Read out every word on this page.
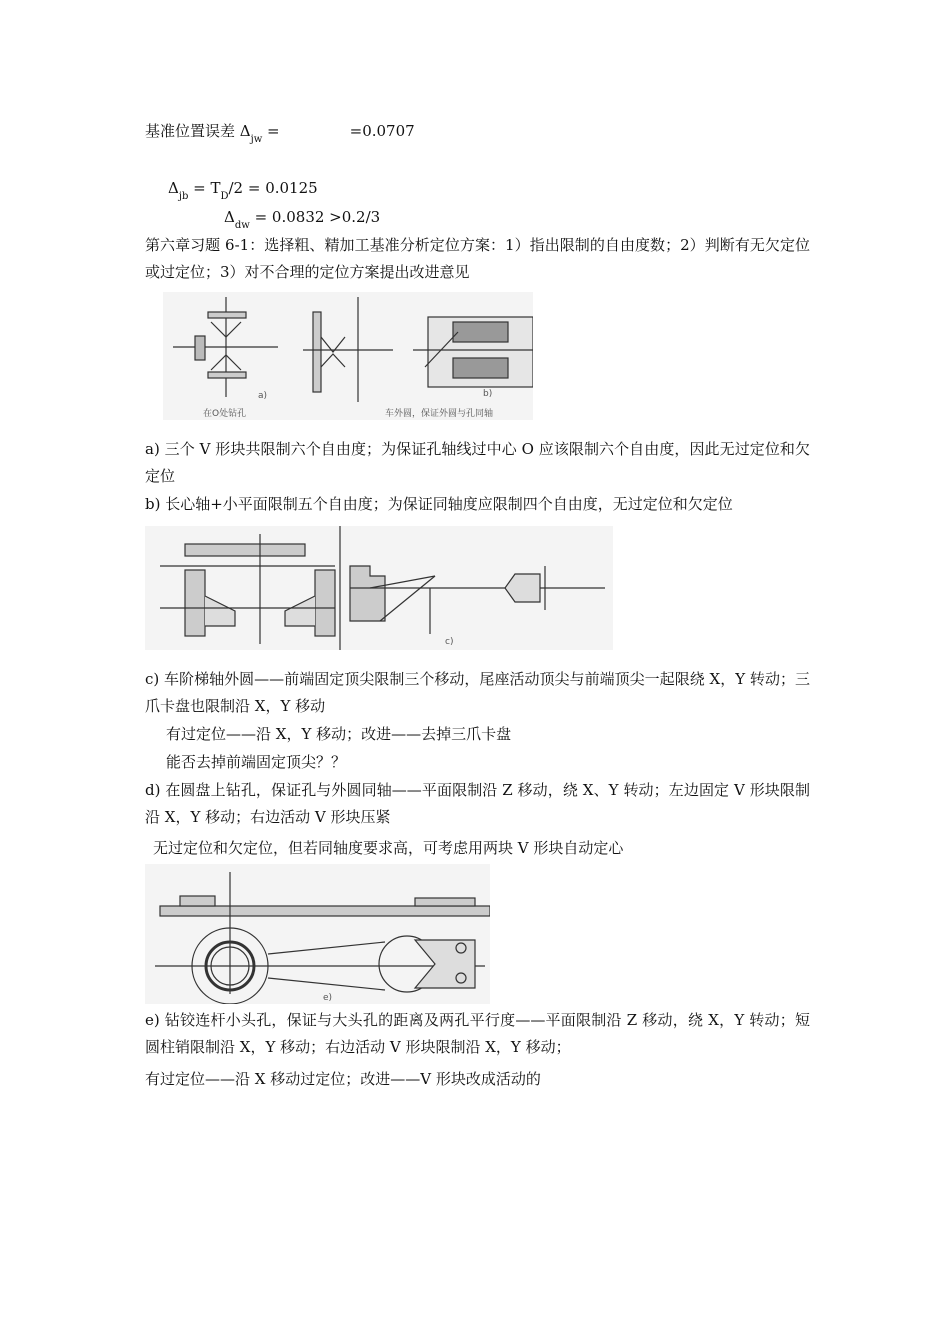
基准位置误差 $\Delta_{jw}$ =	=0.0707
$\Delta_{jb} = T_D/2 = 0.0125$
$\Delta_{dw} = 0.0832 >0.2/3$
第六章习题 6-1：选择粗、精加工基准分析定位方案：1）指出限制的自由度数；2）判断有无欠定位或过定位；3）对不合理的定位方案提出改进意见
a)	b)
在O处钻孔	车外圆，保证外圆与孔同轴
a) 三个 V 形块共限制六个自由度；为保证孔轴线过中心 O 应该限制六个自由度，因此无过定位和欠定位
b) 长心轴+小平面限制五个自由度；为保证同轴度应限制四个自由度，无过定位和欠定位
c)
c) 车阶梯轴外圆——前端固定顶尖限制三个移动，尾座活动顶尖与前端顶尖一起限绕 X，Y 转动；三爪卡盘也限制沿 X，Y 移动
有过定位——沿 X，Y 移动；改进——去掉三爪卡盘
能否去掉前端固定顶尖？？
d) 在圆盘上钻孔，保证孔与外圆同轴——平面限制沿 Z 移动，绕 X、Y 转动；左边固定 V 形块限制沿 X，Y 移动；右边活动 V 形块压紧
无过定位和欠定位，但若同轴度要求高，可考虑用两块 V 形块自动定心
e)
e) 钻铰连杆小头孔，保证与大头孔的距离及两孔平行度——平面限制沿 Z 移动，绕 X，Y 转动；短圆柱销限制沿 X，Y 移动；右边活动 V 形块限制沿 X，Y 移动；
有过定位——沿 X 移动过定位；改进——V 形块改成活动的
